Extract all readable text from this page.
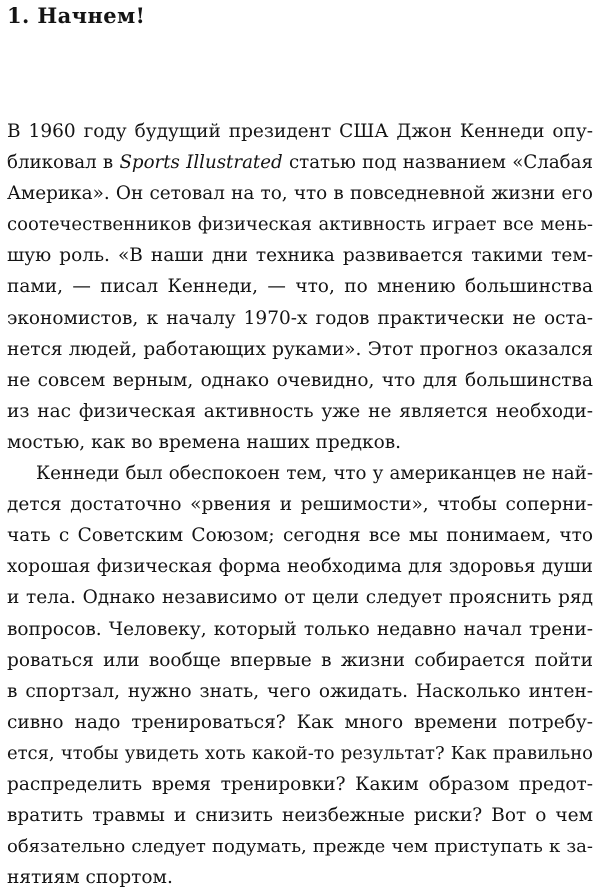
1. Начнем!
В 1960 году будущий президент США Джон Кеннеди опу-
бликовал в Sports Illustrated статью под названием «Слабая
Америка». Он сетовал на то, что в повседневной жизни его
соотечественников физическая активность играет все мень-
шую роль. «В наши дни техника развивается такими тем-
пами, — писал Кеннеди, — что, по мнению большинства
экономистов, к началу 1970-х годов практически не оста-
нется людей, работающих руками». Этот прогноз оказался
не совсем верным, однако очевидно, что для большинства
из нас физическая активность уже не является необходи-
мостью, как во времена наших предков.
Кеннеди был обеспокоен тем, что у американцев не най-
дется достаточно «рвения и решимости», чтобы соперни-
чать с Советским Союзом; сегодня все мы понимаем, что
хорошая физическая форма необходима для здоровья души
и тела. Однако независимо от цели следует прояснить ряд
вопросов. Человеку, который только недавно начал трени-
роваться или вообще впервые в жизни собирается пойти
в спортзал, нужно знать, чего ожидать. Насколько интен-
сивно надо тренироваться? Как много времени потребу-
ется, чтобы увидеть хоть какой-то результат? Как правильно
распределить время тренировки? Каким образом предот-
вратить травмы и снизить неизбежные риски? Вот о чем
обязательно следует подумать, прежде чем приступать к за-
нятиям спортом.
